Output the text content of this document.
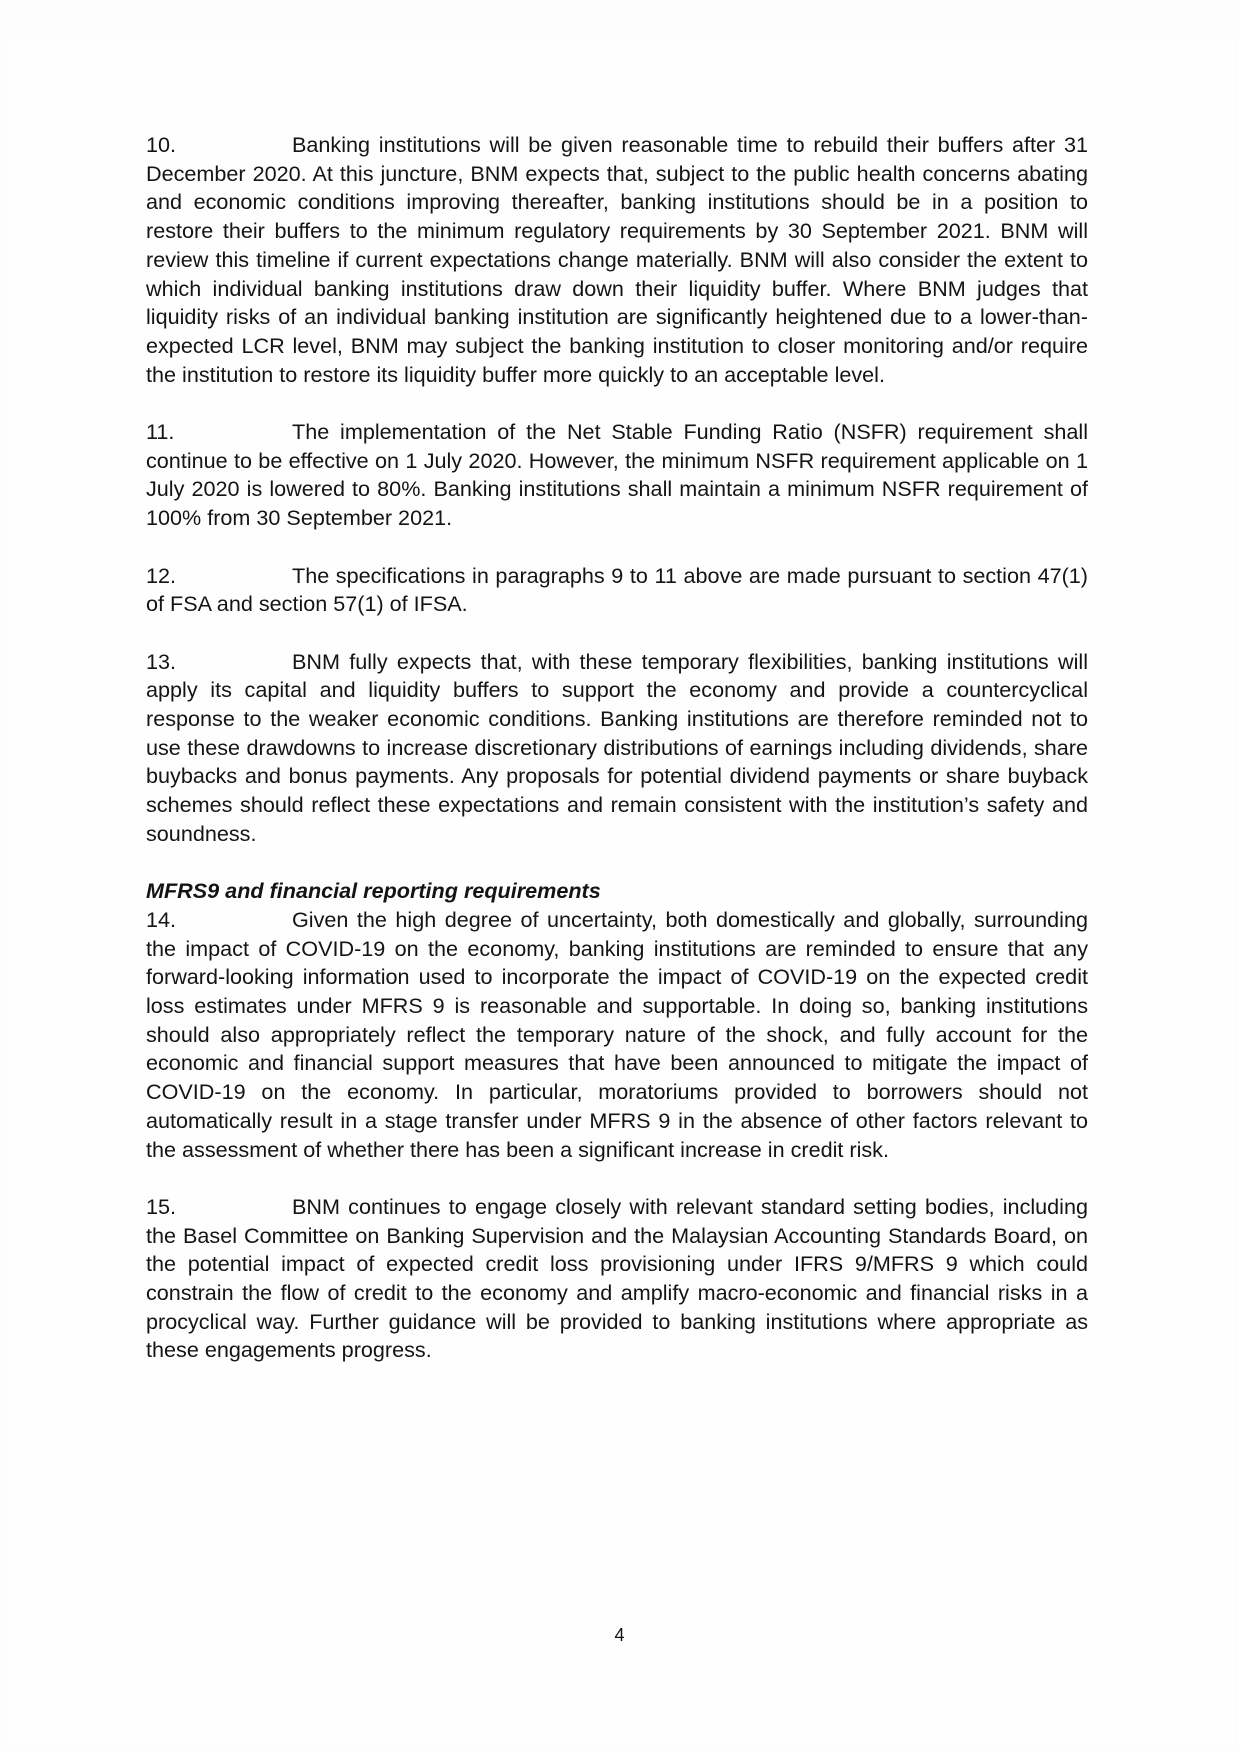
10.	Banking institutions will be given reasonable time to rebuild their buffers after 31 December 2020. At this juncture, BNM expects that, subject to the public health concerns abating and economic conditions improving thereafter, banking institutions should be in a position to restore their buffers to the minimum regulatory requirements by 30 September 2021. BNM will review this timeline if current expectations change materially. BNM will also consider the extent to which individual banking institutions draw down their liquidity buffer. Where BNM judges that liquidity risks of an individual banking institution are significantly heightened due to a lower-than-expected LCR level, BNM may subject the banking institution to closer monitoring and/or require the institution to restore its liquidity buffer more quickly to an acceptable level.

11.	The implementation of the Net Stable Funding Ratio (NSFR) requirement shall continue to be effective on 1 July 2020. However, the minimum NSFR requirement applicable on 1 July 2020 is lowered to 80%. Banking institutions shall maintain a minimum NSFR requirement of 100% from 30 September 2021.

12.	The specifications in paragraphs 9 to 11 above are made pursuant to section 47(1) of FSA and section 57(1) of IFSA.

13.	BNM fully expects that, with these temporary flexibilities, banking institutions will apply its capital and liquidity buffers to support the economy and provide a countercyclical response to the weaker economic conditions. Banking institutions are therefore reminded not to use these drawdowns to increase discretionary distributions of earnings including dividends, share buybacks and bonus payments. Any proposals for potential dividend payments or share buyback schemes should reflect these expectations and remain consistent with the institution’s safety and soundness.

MFRS9 and financial reporting requirements

14.	Given the high degree of uncertainty, both domestically and globally, surrounding the impact of COVID-19 on the economy, banking institutions are reminded to ensure that any forward-looking information used to incorporate the impact of COVID-19 on the expected credit loss estimates under MFRS 9 is reasonable and supportable. In doing so, banking institutions should also appropriately reflect the temporary nature of the shock, and fully account for the economic and financial support measures that have been announced to mitigate the impact of COVID-19 on the economy. In particular, moratoriums provided to borrowers should not automatically result in a stage transfer under MFRS 9 in the absence of other factors relevant to the assessment of whether there has been a significant increase in credit risk.

15.	BNM continues to engage closely with relevant standard setting bodies, including the Basel Committee on Banking Supervision and the Malaysian Accounting Standards Board, on the potential impact of expected credit loss provisioning under IFRS 9/MFRS 9 which could constrain the flow of credit to the economy and amplify macro-economic and financial risks in a procyclical way. Further guidance will be provided to banking institutions where appropriate as these engagements progress.

4
